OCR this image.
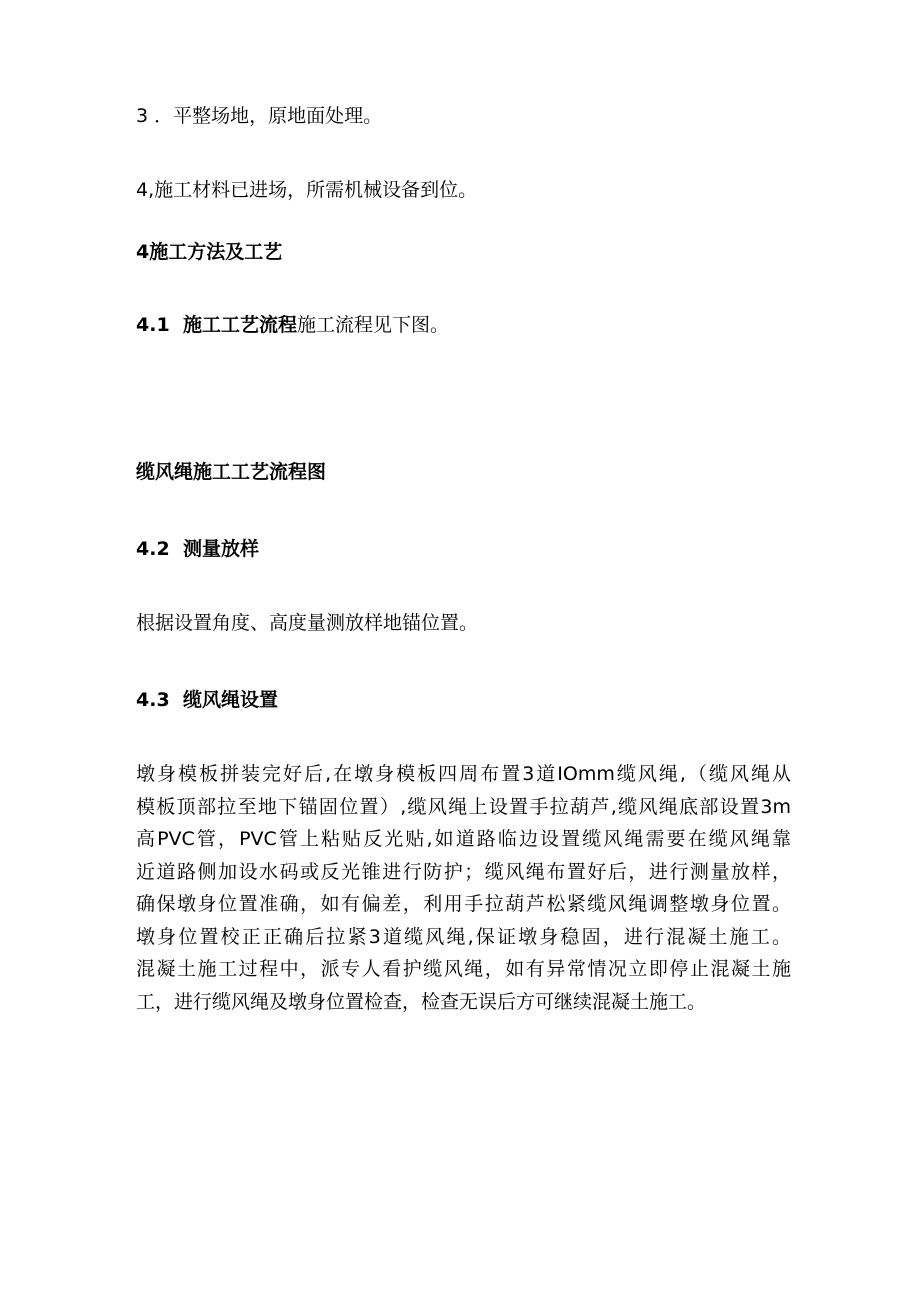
3 ．平整场地，原地面处理。
4,施工材料已进场，所需机械设备到位。
4施工方法及工艺
4.1 施工工艺流程施工流程见下图。
缆风绳施工工艺流程图
4.2 测量放样
根据设置角度、高度量测放样地锚位置。
4.3 缆风绳设置
墩身模板拼装完好后,在墩身模板四周布置3道IOmm缆风绳,（缆风绳从
模板顶部拉至地下锚固位置）,缆风绳上设置手拉葫芦,缆风绳底部设置3m
高PVC管，PVC管上粘贴反光贴,如道路临边设置缆风绳需要在缆风绳靠
近道路侧加设水码或反光锥进行防护；缆风绳布置好后，进行测量放样，
确保墩身位置准确，如有偏差，利用手拉葫芦松紧缆风绳调整墩身位置。
墩身位置校正正确后拉紧3道缆风绳,保证墩身稳固，进行混凝土施工。
混凝土施工过程中，派专人看护缆风绳，如有异常情况立即停止混凝土施
工，进行缆风绳及墩身位置检查，检查无误后方可继续混凝土施工。
